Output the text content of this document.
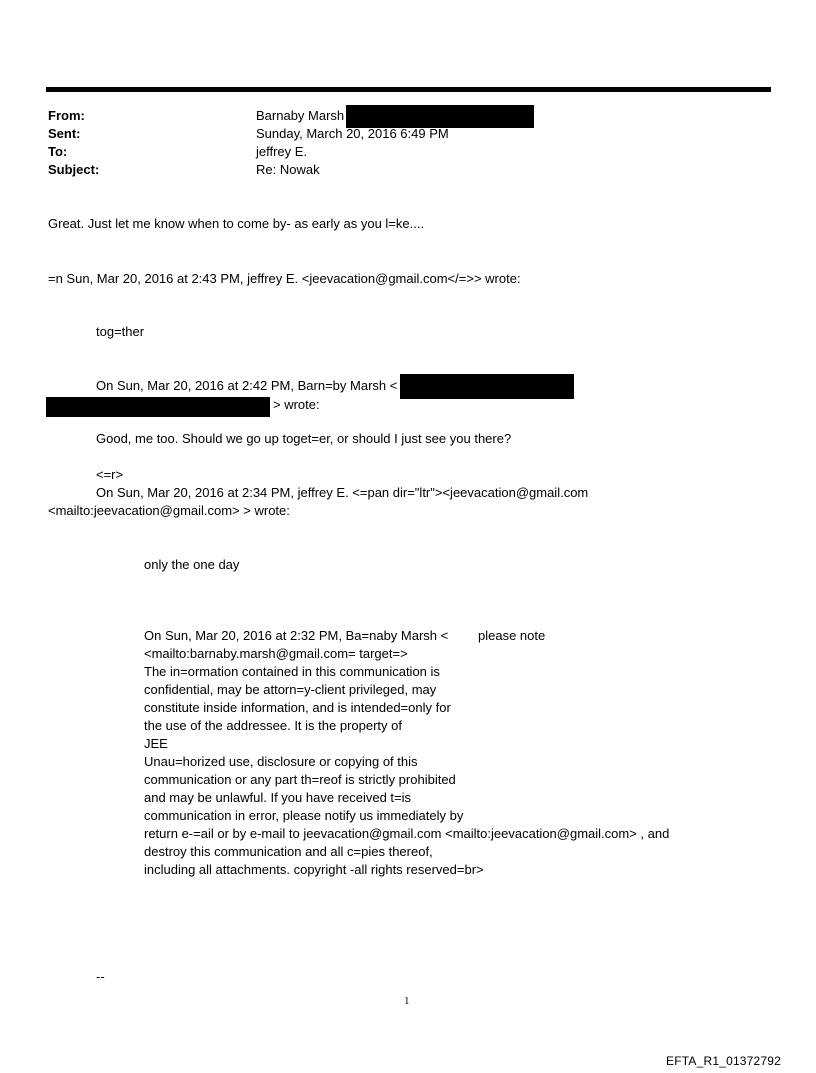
From:	Barnaby Marsh
Sent:	Sunday, March 20, 2016 6:49 PM
To:	jeffrey E.
Subject:	Re: Nowak
Great. Just let me know when to come by- as early as you l=ke....
=n Sun, Mar 20, 2016 at 2:43 PM, jeffrey E. <jeevacation@gmail.com</=>> wrote:
tog=ther
On Sun, Mar 20, 2016 at 2:42 PM, Barn=by Marsh <
> wrote:
Good, me too. Should we go up toget=er, or should I just see you there?
<=r>
On Sun, Mar 20, 2016 at 2:34 PM, jeffrey E. <=pan dir="ltr"><jeevacation@gmail.com
<mailto:jeevacation@gmail.com> > wrote:
only the one day
On Sun, Mar 20, 2016 at 2:32 PM, Ba=naby Marsh < please note
<mailto:barnaby.marsh@gmail.com= target=>
The in=ormation contained in this communication is
confidential, may be attorn=y-client privileged, may
constitute inside information, and is intended=only for
the use of the addressee. It is the property of
JEE
Unau=horized use, disclosure or copying of this
communication or any part th=reof is strictly prohibited
and may be unlawful. If you have received t=is
communication in error, please notify us immediately by
return e-=ail or by e-mail to jeevacation@gmail.com <mailto:jeevacation@gmail.com> , and
destroy this communication and all c=pies thereof,
including all attachments. copyright -all rights reserved=br>
--
1
EFTA_R1_01372792
